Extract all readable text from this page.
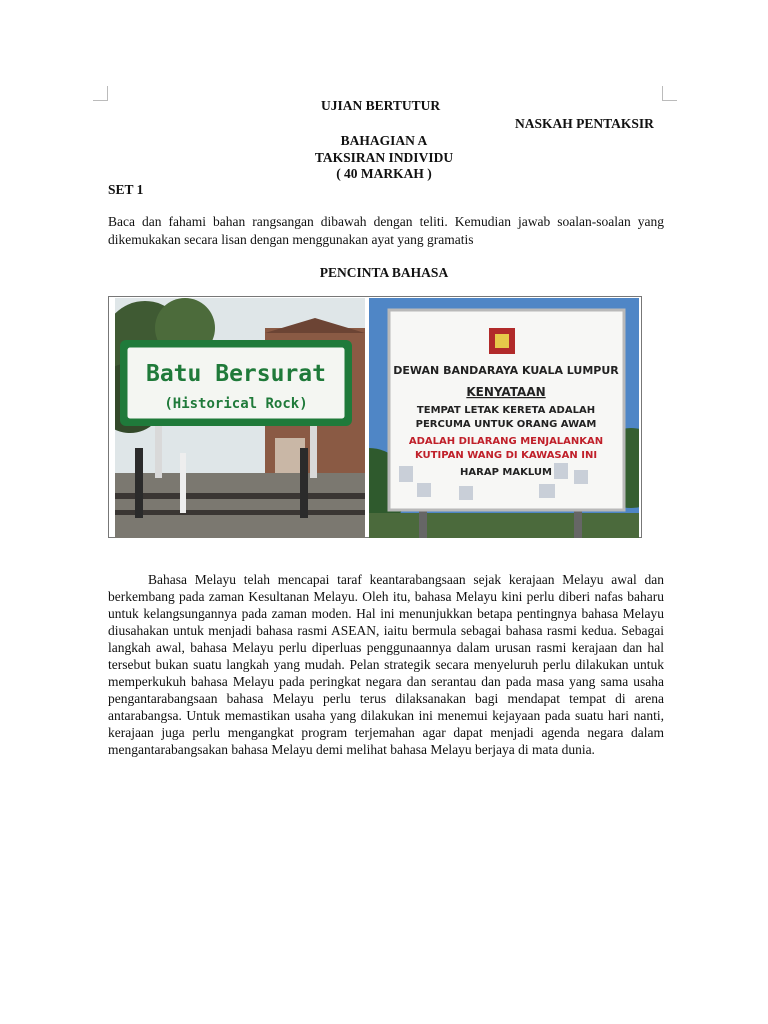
UJIAN BERTUTUR
NASKAH PENTAKSIR
BAHAGIAN A
TAKSIRAN INDIVIDU
( 40 MARKAH )
SET 1
Baca dan fahami bahan rangsangan dibawah dengan teliti. Kemudian jawab soalan-soalan yang dikemukakan secara lisan dengan menggunakan ayat yang gramatis
PENCINTA BAHASA
Batu Bersurat
(Historical Rock)
DEWAN BANDARAYA KUALA LUMPUR
KENYATAAN
TEMPAT LETAK KERETA ADALAH
PERCUMA UNTUK ORANG AWAM
ADALAH DILARANG MENJALANKAN
KUTIPAN WANG DI KAWASAN INI
HARAP MAKLUM

Bahasa Melayu telah mencapai taraf keantarabangsaan sejak kerajaan Melayu awal dan berkembang pada zaman Kesultanan Melayu. Oleh itu, bahasa Melayu kini perlu diberi nafas baharu untuk kelangsungannya pada zaman moden. Hal ini menunjukkan betapa pentingnya bahasa Melayu diusahakan untuk menjadi bahasa rasmi ASEAN, iaitu bermula sebagai bahasa rasmi kedua. Sebagai langkah awal, bahasa Melayu perlu diperluas penggunaannya dalam urusan rasmi kerajaan dan hal tersebut bukan suatu langkah yang mudah. Pelan strategik secara menyeluruh perlu dilakukan untuk memperkukuh bahasa Melayu pada peringkat negara dan serantau dan pada masa yang sama usaha pengantarabangsaan bahasa Melayu perlu terus dilaksanakan bagi mendapat tempat di arena antarabangsa. Untuk memastikan usaha yang dilakukan ini menemui kejayaan pada suatu hari nanti, kerajaan juga perlu mengangkat program terjemahan agar dapat menjadi agenda negara dalam mengantarabangsakan bahasa Melayu demi melihat bahasa Melayu berjaya di mata dunia.
